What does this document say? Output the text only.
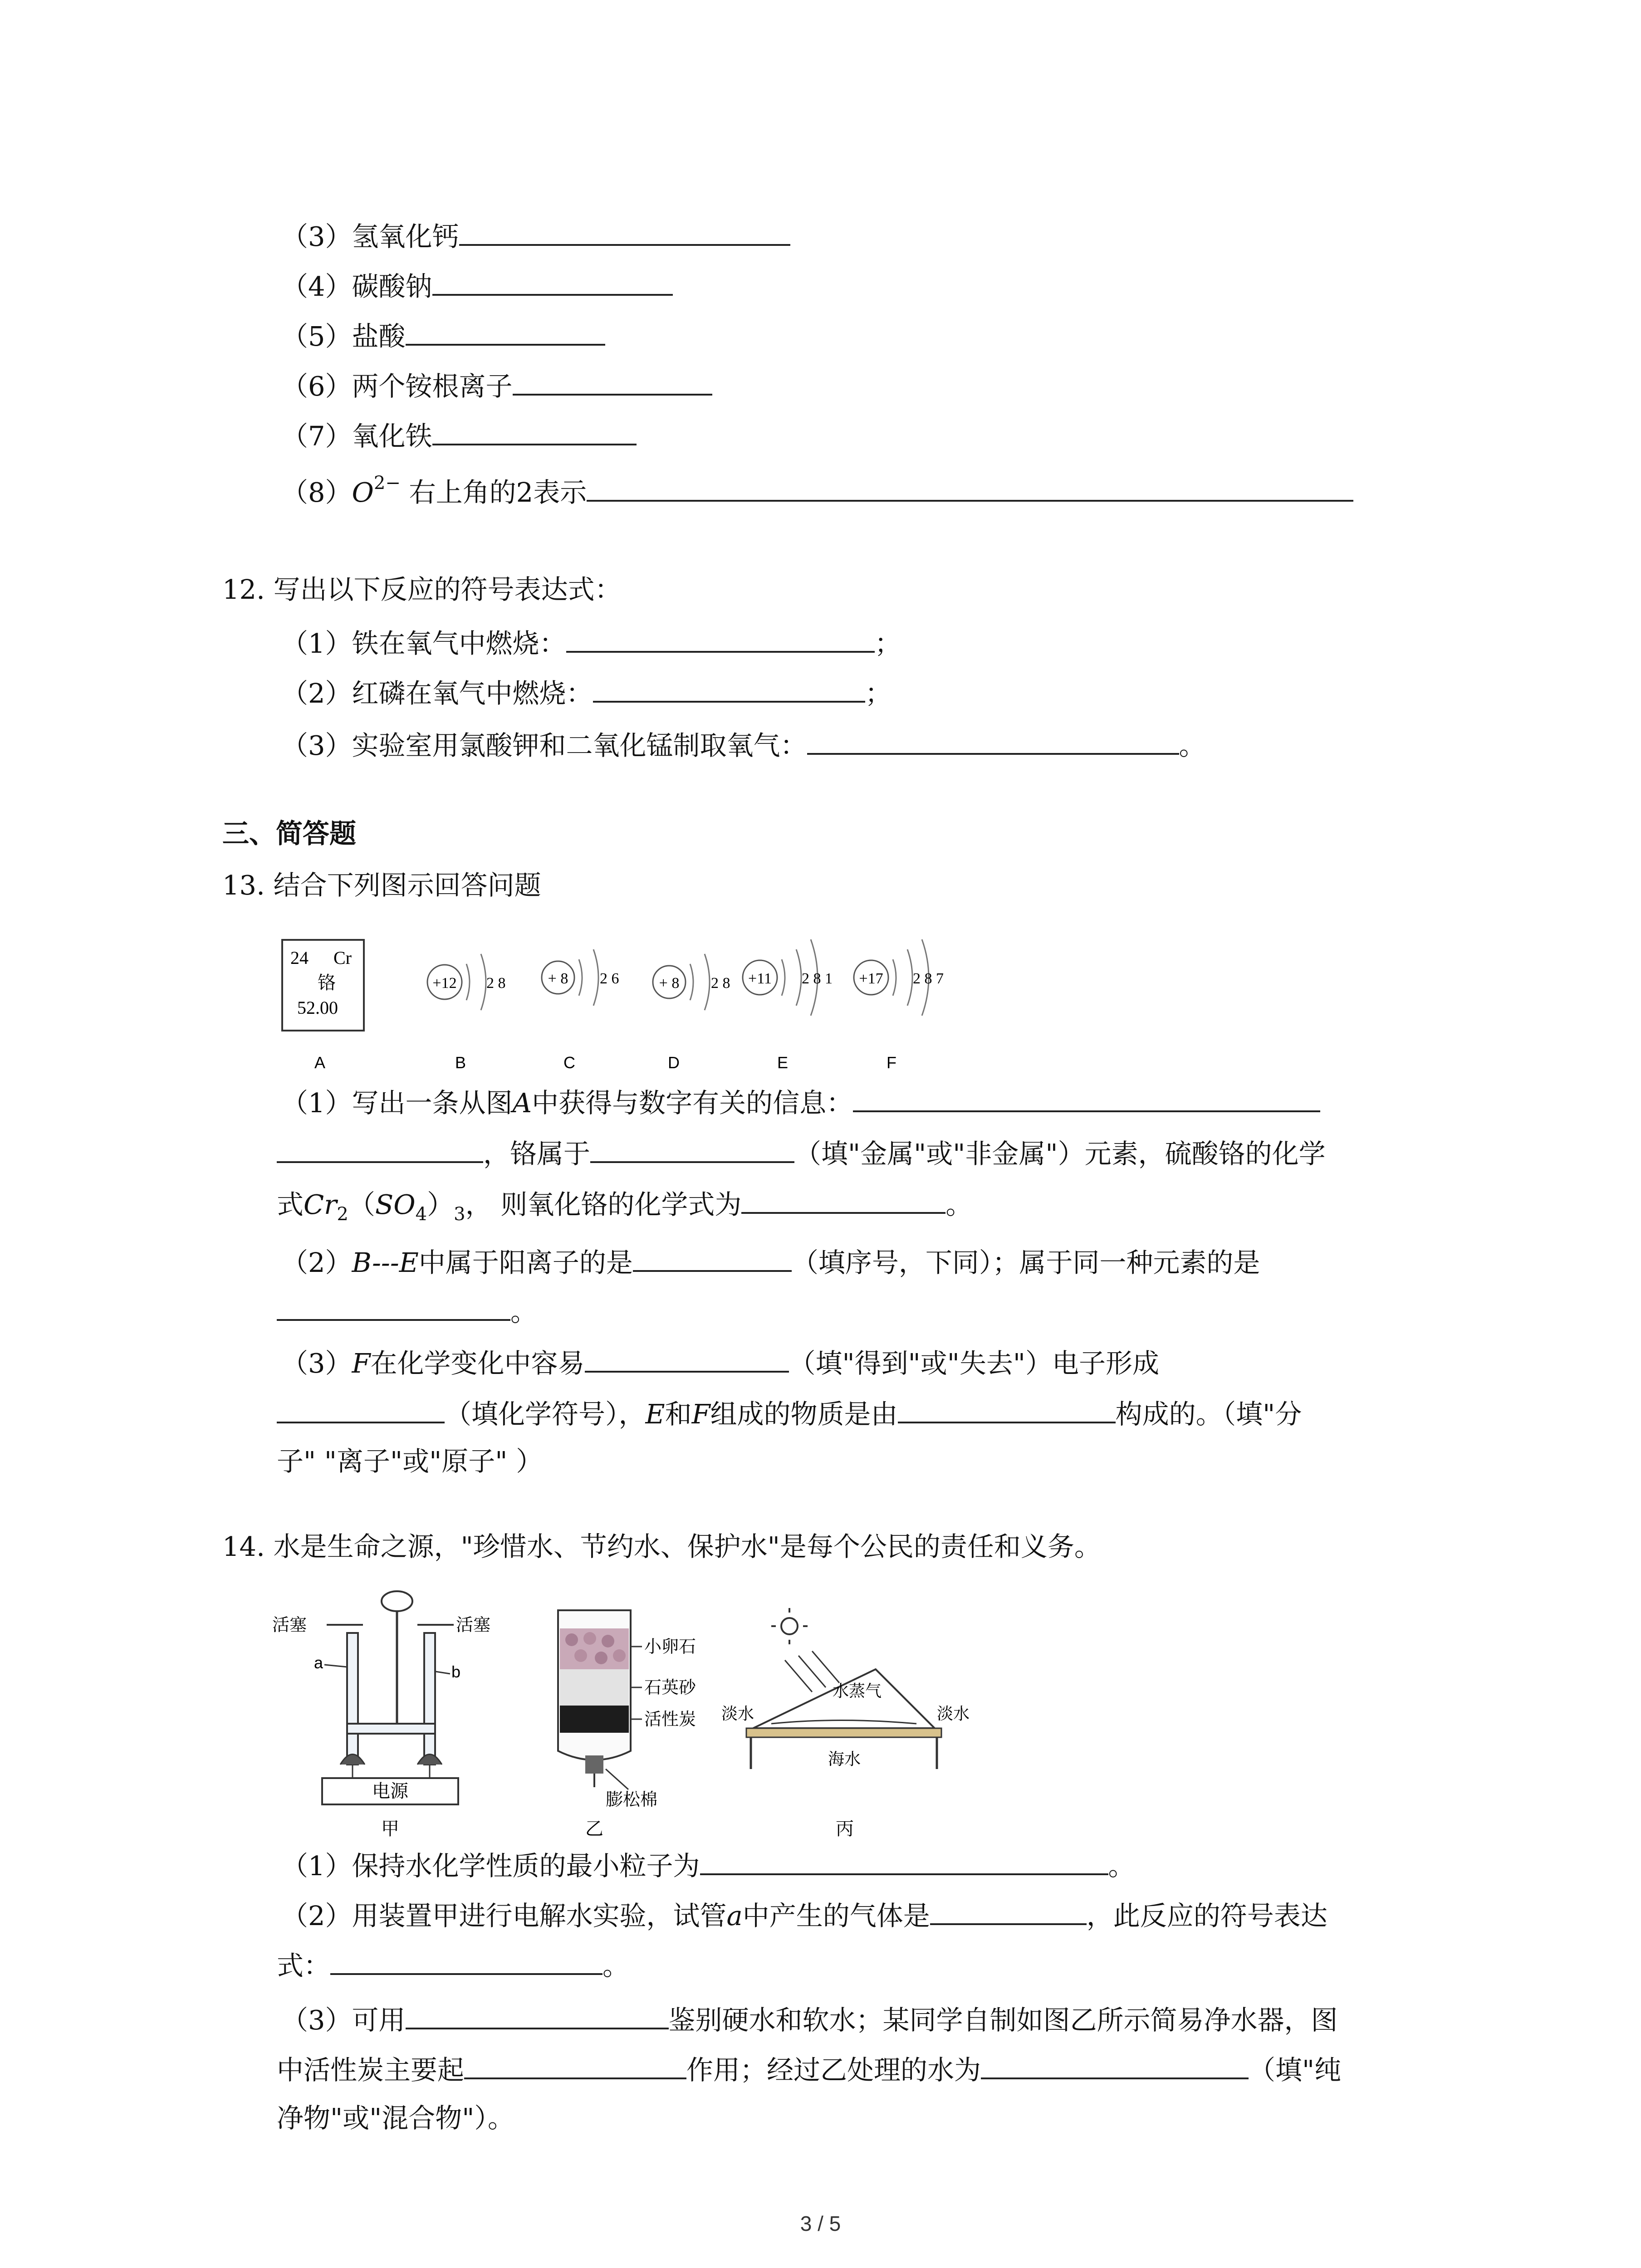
（3）氢氧化钙
（4）碳酸钠
（5）盐酸
（6）两个铵根离子
（7）氧化铁
$(8)O^{2-}$ 右上角的2表示
12. 写出以下反应的符号表达式：
（1）铁在氧气中燃烧：	；
（2）红磷在氧气中燃烧：	；
（3）实验室用氯酸钾和二氧化锰制取氧气：	。
三、简答题
13. 结合下列图示回答问题
24 Cr
铬
52.00
+12 2 8	+ 8 2 6	+ 8 2 8 +11 2 8 1 +17 2 8 7
A	B	C	D	E	F
（1）写出一条从图A中获得与数字有关的信息：
，铬属于	（填"金属"或"非金属"）元素，硫酸铬的化学
式$Cr_2(SO_4)_3$， 则氧化铬的化学式为	。
（2）B---E中属于阳离子的是	（填序号，下同）；属于同一种元素的是
。
（3）F在化学变化中容易	（填"得到"或"失去"）电子形成
（填化学符号），E和F组成的物质是由	构成的。（填"分
子" "离子"或"原子" ）
14. 水是生命之源，"珍惜水、节约水、保护水"是每个公民的责任和义务。
活塞	活塞
a	b
电源
甲
小卵石
石英砂
活性炭
膨松棉
乙
水蒸气
淡水	淡水
海水
丙
（1）保持水化学性质的最小粒子为	。
（2）用装置甲进行电解水实验，试管a中产生的气体是	，此反应的符号表达
式：	。
（3）可用	鉴别硬水和软水；某同学自制如图乙所示简易净水器，图
中活性炭主要起	作用；经过乙处理的水为	（填"纯
净物"或"混合物"）。
3 / 5
